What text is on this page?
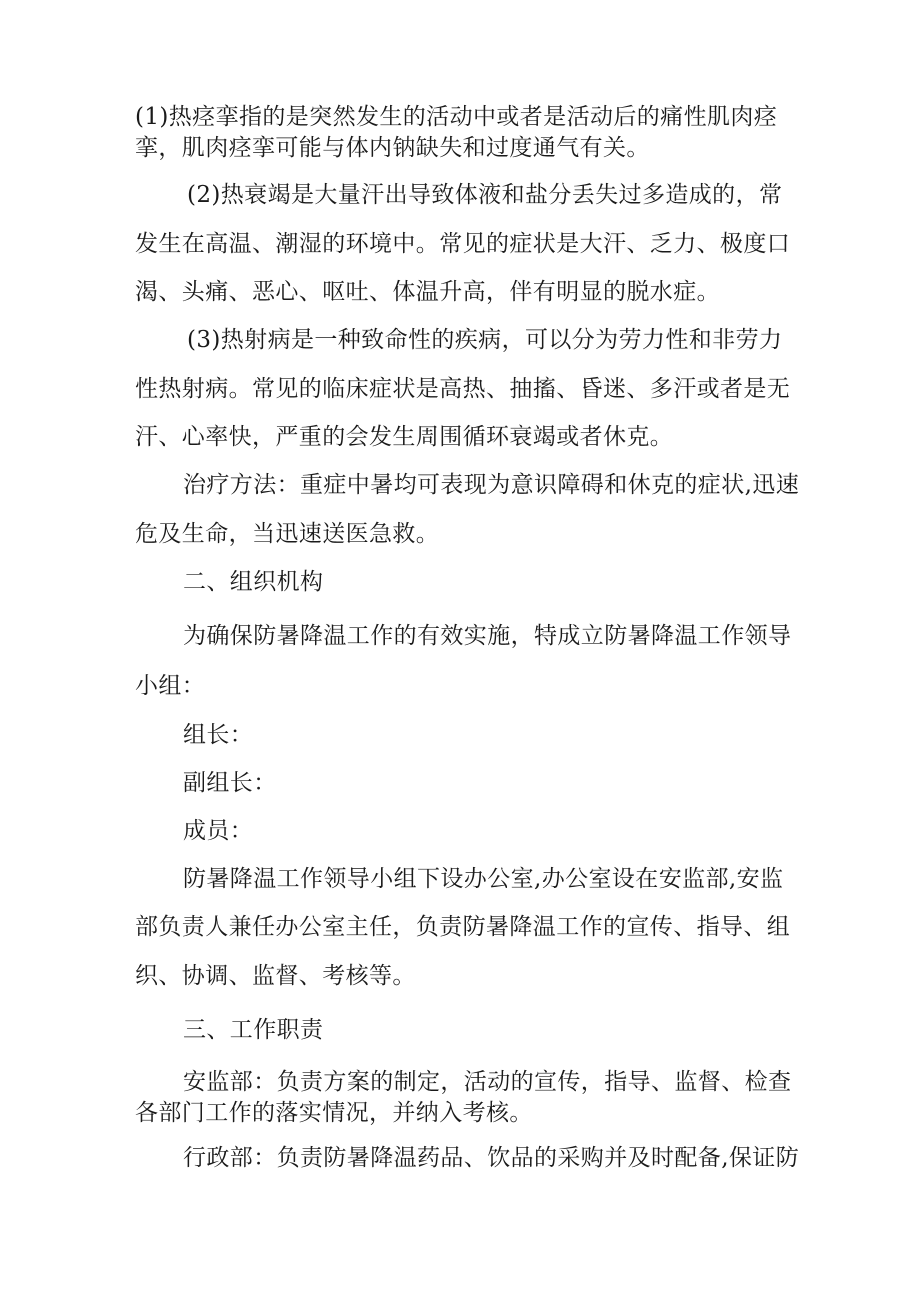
(1)热痉挛指的是突然发生的活动中或者是活动后的痛性肌肉痉

挛，肌肉痉挛可能与体内钠缺失和过度通气有关。

(2)热衰竭是大量汗出导致体液和盐分丢失过多造成的，常

发生在高温、潮湿的环境中。常见的症状是大汗、乏力、极度口

渴、头痛、恶心、呕吐、体温升高，伴有明显的脱水症。

(3)热射病是一种致命性的疾病，可以分为劳力性和非劳力

性热射病。常见的临床症状是高热、抽搐、昏迷、多汗或者是无

汗、心率快，严重的会发生周围循环衰竭或者休克。

治疗方法：重症中暑均可表现为意识障碍和休克的症状,迅速

危及生命，当迅速送医急救。

二、组织机构

为确保防暑降温工作的有效实施，特成立防暑降温工作领导

小组：

组长：

副组长：

成员：

防暑降温工作领导小组下设办公室,办公室设在安监部,安监

部负责人兼任办公室主任，负责防暑降温工作的宣传、指导、组

织、协调、监督、考核等。

三、工作职责

安监部：负责方案的制定，活动的宣传，指导、监督、检查

各部门工作的落实情况，并纳入考核。

行政部：负责防暑降温药品、饮品的采购并及时配备,保证防
